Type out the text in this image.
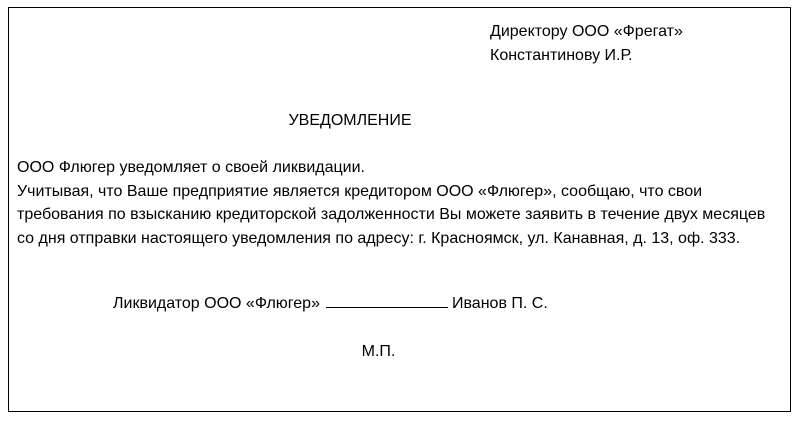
Директору ООО «Фрегат»
Константинову И.Р.
УВЕДОМЛЕНИЕ

ООО Флюгер уведомляет о своей ликвидации.

Учитывая, что Ваше предприятие является кредитором ООО «Флюгер», сообщаю, что свои требования по взысканию кредиторской задолженности Вы можете заявить в течение двух месяцев со дня отправки настоящего уведомления по адресу: г. Красноямск, ул. Канавная, д. 13, оф. 333.

Ликвидатор ООО «Флюгер»	Иванов П. С.
М.П.
